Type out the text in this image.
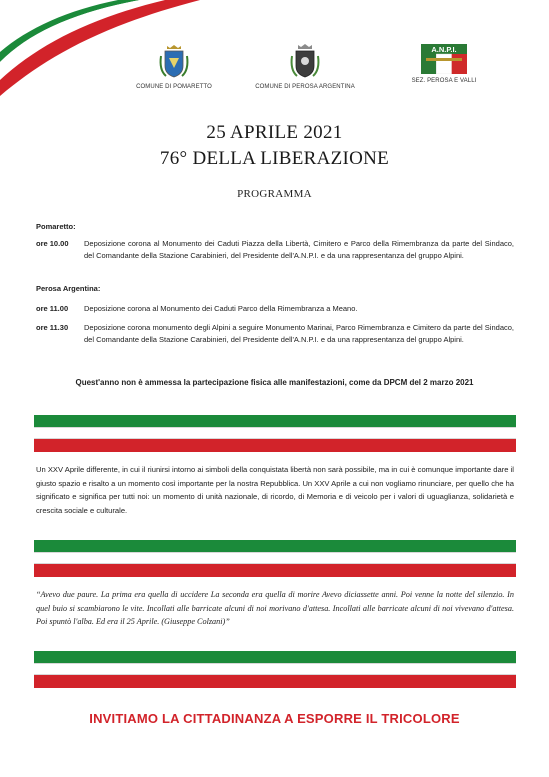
COMUNE DI POMARETTO	COMUNE DI PEROSA ARGENTINA
A.N.P.I.
SEZ. PEROSA E VALLI
25 APRILE 2021
76° DELLA LIBERAZIONE
PROGRAMMA
Pomaretto:
ore 10.00	Deposizione corona al Monumento dei Caduti Piazza della Libertà, Cimitero e Parco della Rimembranza da parte del Sindaco, del Comandante della Stazione Carabinieri, del Presidente dell'A.N.P.I. e da una rappresentanza del gruppo Alpini.
Perosa Argentina:
ore 11.00	Deposizione corona al Monumento dei Caduti Parco della Rimembranza a Meano.
ore 11.30	Deposizione corona monumento degli Alpini a seguire Monumento Marinai, Parco Rimembranza e Cimitero da parte del Sindaco, del Comandante della Stazione Carabinieri, del Presidente dell'A.N.P.I. e da una rappresentanza del gruppo Alpini.
Quest'anno non è ammessa la partecipazione fisica alle manifestazioni, come da DPCM del 2 marzo 2021
Un XXV Aprile differente, in cui il riunirsi intorno ai simboli della conquistata libertà non sarà possibile, ma in cui è comunque importante dare il giusto spazio e risalto a un momento così importante per la nostra Repubblica. Un XXV Aprile a cui non vogliamo rinunciare, per quello che ha significato e significa per tutti noi: un momento di unità nazionale, di ricordo, di Memoria e di veicolo per i valori di uguaglianza, solidarietà e crescita sociale e culturale.
“Avevo due paure. La prima era quella di uccidere La seconda era quella di morire Avevo diciassette anni. Poi venne la notte del silenzio. In quel buio si scambiarono le vite. Incollati alle barricate alcuni di noi morivano d'attesa. Incollati alle barricate alcuni di noi vivevano d'attesa. Poi spuntò l'alba. Ed era il 25 Aprile. (Giuseppe Colzani)”
INVITIAMO LA CITTADINANZA A ESPORRE IL TRICOLORE
